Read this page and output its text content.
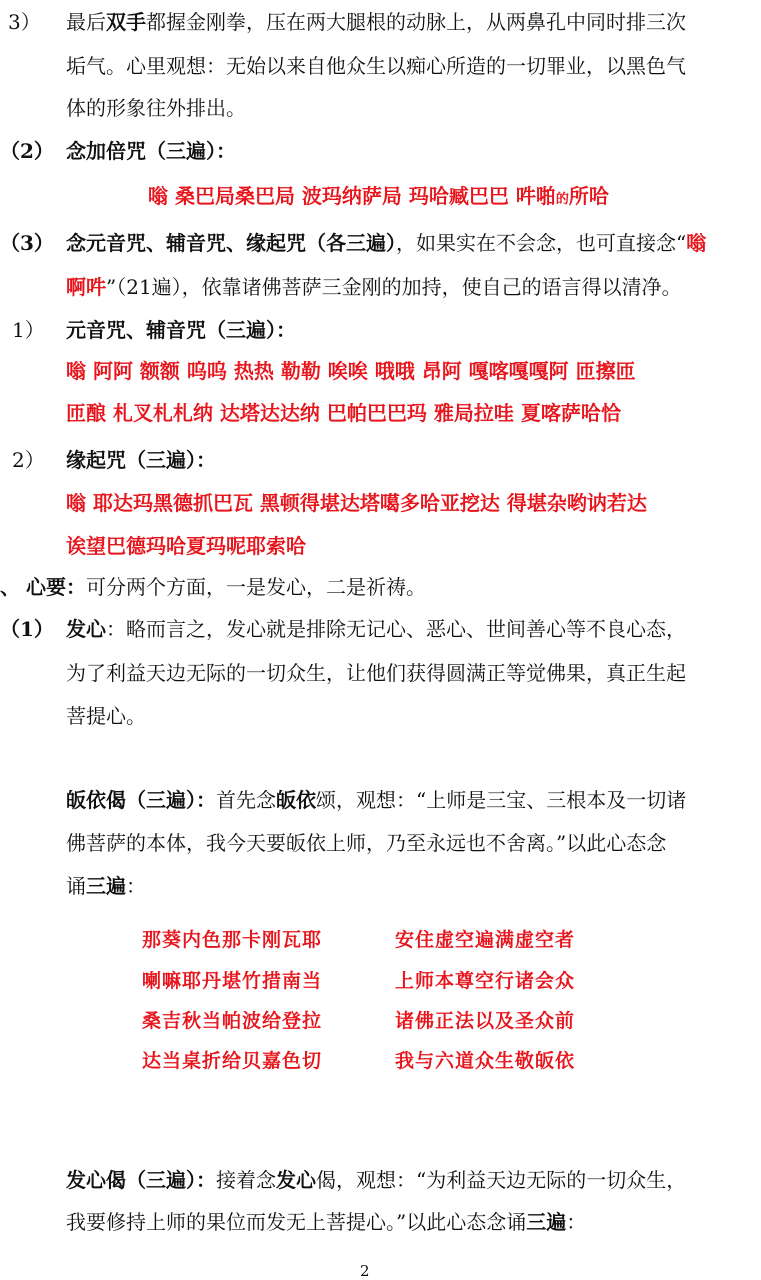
3） 最后双手都握金刚拳，压在两大腿根的动脉上，从两鼻孔中同时排三次
垢气。心里观想：无始以来自他众生以痴心所造的一切罪业，以黑色气
体的形象往外排出。
（2） 念加倍咒（三遍）：
嗡 桑巴局桑巴局 波玛纳萨局 玛哈臧巴巴 吽啪的所哈
（3） 念元音咒、辅音咒、缘起咒（各三遍），如果实在不会念，也可直接念“嗡
啊吽”（21遍），依靠诸佛菩萨三金刚的加持，使自己的语言得以清净。
1） 元音咒、辅音咒（三遍）：
嗡 阿阿 额额 呜呜 热热 勒勒 唉唉 哦哦 昂阿 嘎喀嘎嘎阿 匝擦匝
匝酿 札叉札札纳 达塔达达纳 巴帕巴巴玛 雅局拉哇 夏喀萨哈恰
2） 缘起咒（三遍）：
嗡 耶达玛黑德抓巴瓦 黑顿得堪达塔噶多哈亚挖达 得堪杂哟讷若达
诶望巴德玛哈夏玛呢耶索哈
、 心要：可分两个方面，一是发心，二是祈祷。
（1） 发心：略而言之，发心就是排除无记心、恶心、世间善心等不良心态，
为了利益天边无际的一切众生，让他们获得圆满正等觉佛果，真正生起
菩提心。
皈依偈（三遍）：首先念皈依颂，观想：“上师是三宝、三根本及一切诸
佛菩萨的本体，我今天要皈依上师，乃至永远也不舍离。”以此心态念
诵三遍：
那葵内色那卡刚瓦耶	安住虚空遍满虚空者
喇嘛耶丹堪竹措南当	上师本尊空行诸会众
桑吉秋当帕波给登拉	诸佛正法以及圣众前
达当桌折给贝嘉色切	我与六道众生敬皈依
发心偈（三遍）：接着念发心偈，观想：“为利益天边无际的一切众生，
我要修持上师的果位而发无上菩提心。”以此心态念诵三遍：
2
